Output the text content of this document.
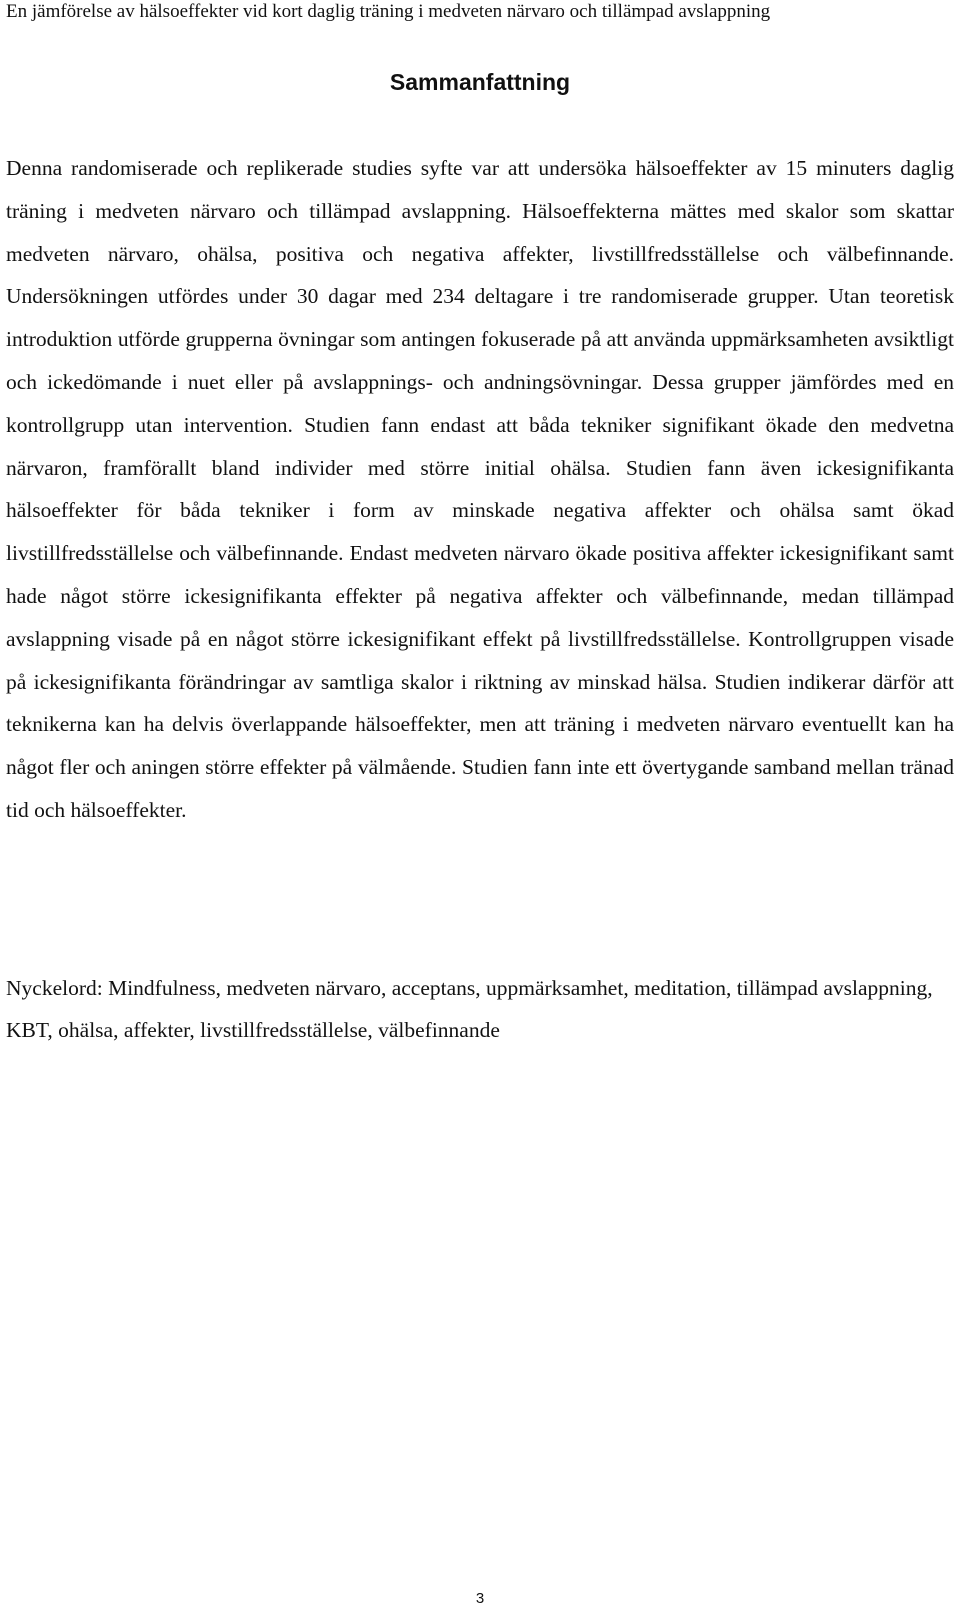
En jämförelse av hälsoeffekter vid kort daglig träning i medveten närvaro och tillämpad avslappning
Sammanfattning

Denna randomiserade och replikerade studies syfte var att undersöka hälsoeffekter av 15 minuters daglig träning i medveten närvaro och tillämpad avslappning. Hälsoeffekterna mättes med skalor som skattar medveten närvaro, ohälsa, positiva och negativa affekter, livstillfredsställelse och välbefinnande. Undersökningen utfördes under 30 dagar med 234 deltagare i tre randomiserade grupper. Utan teoretisk introduktion utförde grupperna övningar som antingen fokuserade på att använda uppmärksamheten avsiktligt och ickedömande i nuet eller på avslappnings- och andningsövningar. Dessa grupper jämfördes med en kontrollgrupp utan intervention. Studien fann endast att båda tekniker signifikant ökade den medvetna närvaron, framförallt bland individer med större initial ohälsa. Studien fann även ickesignifikanta hälsoeffekter för båda tekniker i form av minskade negativa affekter och ohälsa samt ökad livstillfredsställelse och välbefinnande. Endast medveten närvaro ökade positiva affekter ickesignifikant samt hade något större ickesignifikanta effekter på negativa affekter och välbefinnande, medan tillämpad avslappning visade på en något större ickesignifikant effekt på livstillfredsställelse. Kontrollgruppen visade på ickesignifikanta förändringar av samtliga skalor i riktning av minskad hälsa. Studien indikerar därför att teknikerna kan ha delvis överlappande hälsoeffekter, men att träning i medveten närvaro eventuellt kan ha något fler och aningen större effekter på välmående. Studien fann inte ett övertygande samband mellan tränad tid och hälsoeffekter.

Nyckelord: Mindfulness, medveten närvaro, acceptans, uppmärksamhet, meditation, tillämpad avslappning, KBT, ohälsa, affekter, livstillfredsställelse, välbefinnande

3
